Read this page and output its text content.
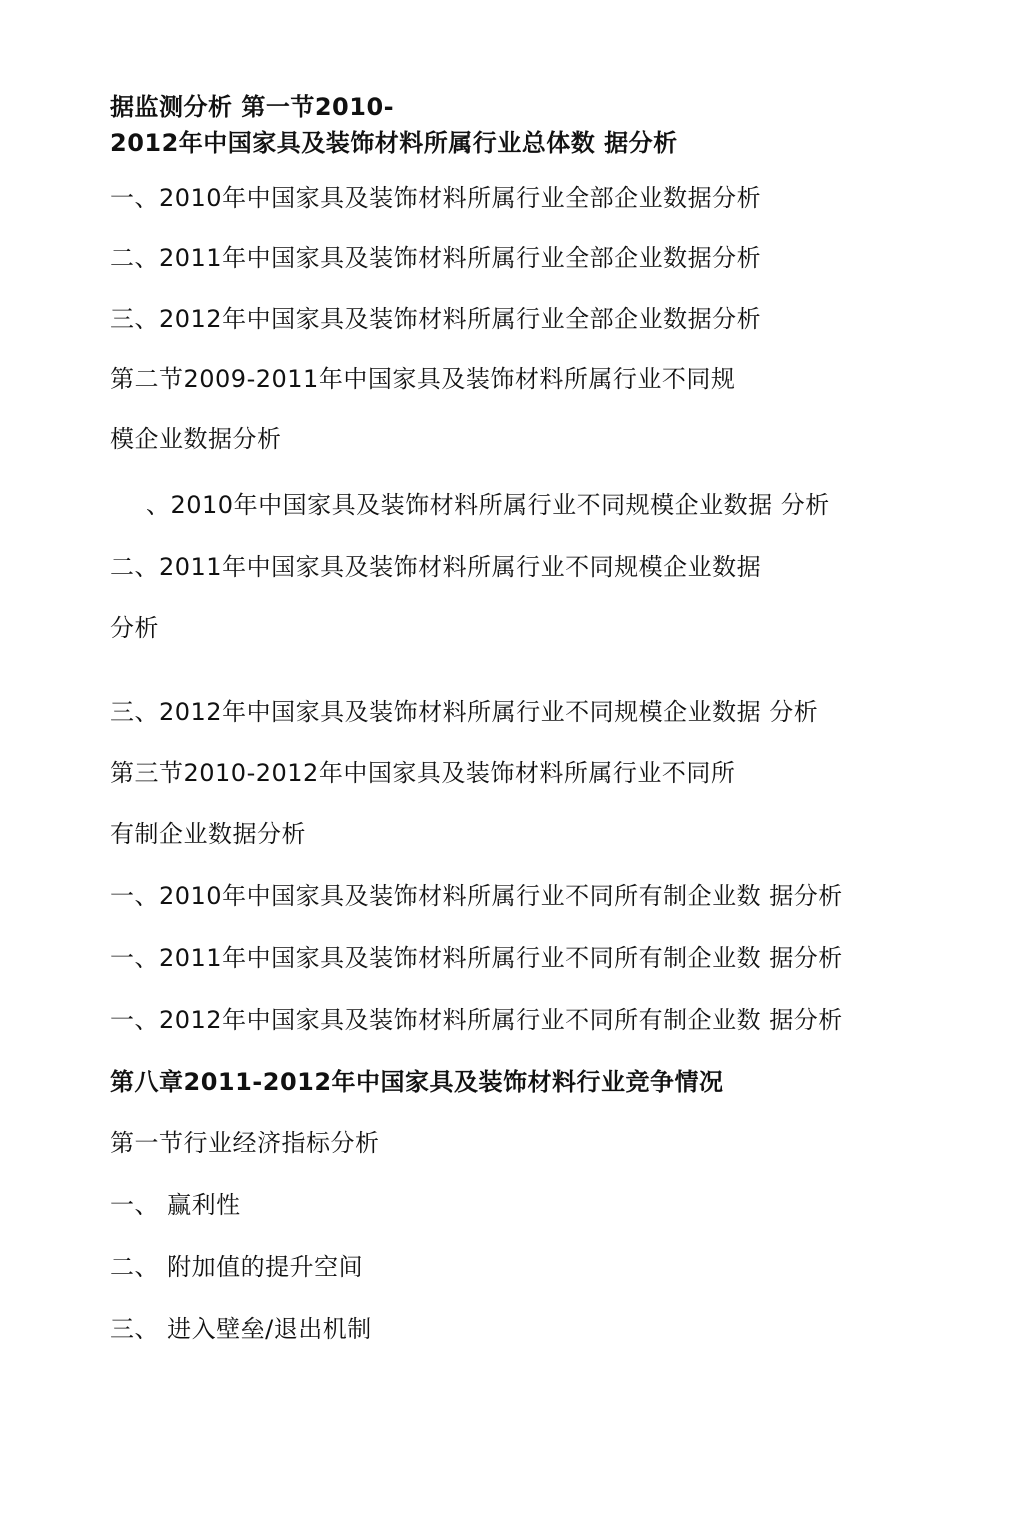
据监测分析 第一节2010-
2012年中国家具及装饰材料所属行业总体数 据分析
一、2010年中国家具及装饰材料所属行业全部企业数据分析
二、2011年中国家具及装饰材料所属行业全部企业数据分析
三、2012年中国家具及装饰材料所属行业全部企业数据分析
第二节2009-2011年中国家具及装饰材料所属行业不同规
模企业数据分析
、2010年中国家具及装饰材料所属行业不同规模企业数据 分析
二、2011年中国家具及装饰材料所属行业不同规模企业数据
分析
三、2012年中国家具及装饰材料所属行业不同规模企业数据 分析
第三节2010-2012年中国家具及装饰材料所属行业不同所
有制企业数据分析
一、2010年中国家具及装饰材料所属行业不同所有制企业数 据分析
一、2011年中国家具及装饰材料所属行业不同所有制企业数 据分析
一、2012年中国家具及装饰材料所属行业不同所有制企业数 据分析
第八章2011-2012年中国家具及装饰材料行业竞争情况
第一节行业经济指标分析
一、 赢利性
二、 附加值的提升空间
三、 进入壁垒/退出机制
